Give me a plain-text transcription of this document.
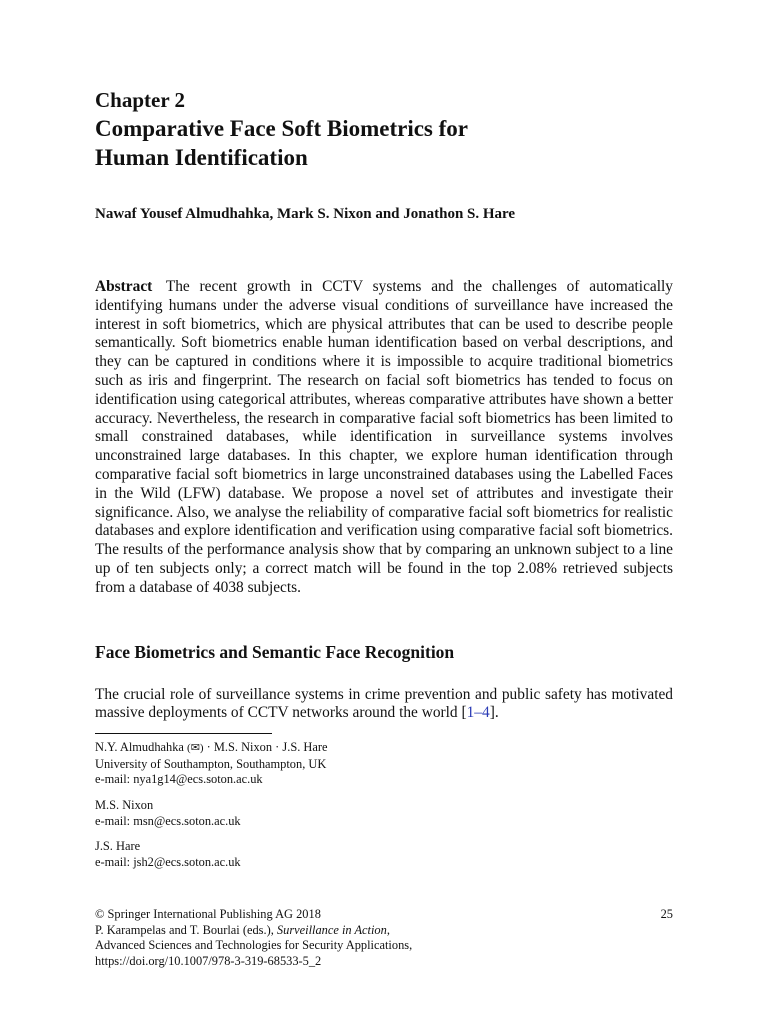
Chapter 2
Comparative Face Soft Biometrics for
Human Identification
Nawaf Yousef Almudhahka, Mark S. Nixon and Jonathon S. Hare
Abstract The recent growth in CCTV systems and the challenges of automatically identifying humans under the adverse visual conditions of surveillance have increased the interest in soft biometrics, which are physical attributes that can be used to describe people semantically. Soft biometrics enable human identification based on verbal descriptions, and they can be captured in conditions where it is impossible to acquire traditional biometrics such as iris and fingerprint. The research on facial soft biometrics has tended to focus on identification using categorical attributes, whereas comparative attributes have shown a better accuracy. Nevertheless, the research in comparative facial soft biometrics has been limited to small constrained databases, while identification in surveillance systems involves unconstrained large databases. In this chapter, we explore human identification through comparative facial soft biometrics in large unconstrained databases using the Labelled Faces in the Wild (LFW) database. We propose a novel set of attributes and investigate their significance. Also, we analyse the reliability of comparative facial soft biometrics for realistic databases and explore identification and verification using comparative facial soft biometrics. The results of the performance analysis show that by comparing an unknown subject to a line up of ten subjects only; a correct match will be found in the top 2.08% retrieved subjects from a database of 4038 subjects.
Face Biometrics and Semantic Face Recognition
The crucial role of surveillance systems in crime prevention and public safety has motivated massive deployments of CCTV networks around the world [1–4].
N.Y. Almudhahka (✉) · M.S. Nixon · J.S. Hare
University of Southampton, Southampton, UK
e-mail: nya1g14@ecs.soton.ac.uk
M.S. Nixon
e-mail: msn@ecs.soton.ac.uk
J.S. Hare
e-mail: jsh2@ecs.soton.ac.uk
© Springer International Publishing AG 2018	25
P. Karampelas and T. Bourlai (eds.), Surveillance in Action,
Advanced Sciences and Technologies for Security Applications,
https://doi.org/10.1007/978-3-319-68533-5_2
